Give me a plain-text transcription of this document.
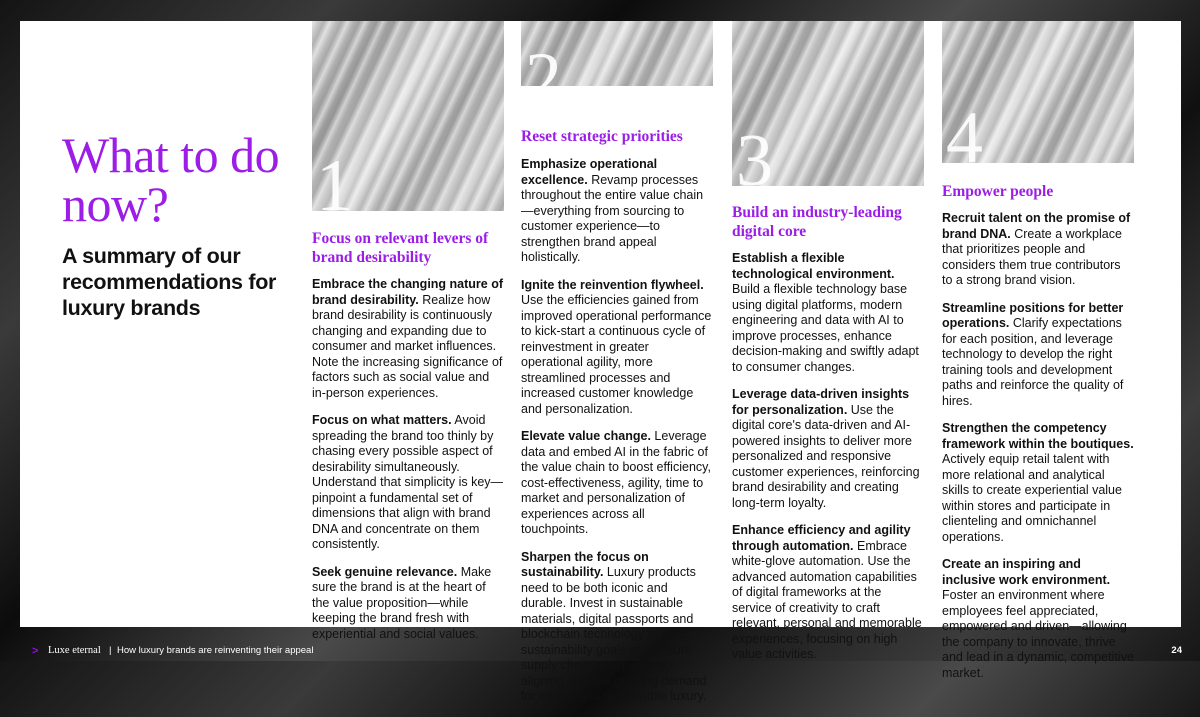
What to do now?
A summary of our recommendations for luxury brands

1

Focus on relevant levers of brand desirability

Embrace the changing nature of brand desirability. Realize how brand desirability is continuously changing and expanding due to consumer and market influences. Note the increasing significance of factors such as social value and in-person experiences.

Focus on what matters. Avoid spreading the brand too thinly by chasing every possible aspect of desirability simultaneously. Understand that simplicity is key—pinpoint a fundamental set of dimensions that align with brand DNA and concentrate on them consistently.

Seek genuine relevance. Make sure the brand is at the heart of the value proposition—while keeping the brand fresh with experiential and social values.

2

Reset strategic priorities

Emphasize operational excellence. Revamp processes throughout the entire value chain—everything from sourcing to customer experience—to strengthen brand appeal holistically.

Ignite the reinvention flywheel. Use the efficiencies gained from improved operational performance to kick-start a continuous cycle of reinvestment in greater operational agility, more streamlined processes and increased customer knowledge and personalization.

Elevate value change. Leverage data and embed AI in the fabric of the value chain to boost efficiency, cost-effectiveness, agility, time to market and personalization of experiences across all touchpoints.

Sharpen the focus on sustainability. Luxury products need to be both iconic and durable. Invest in sustainable materials, digital passports and blockchain technology to meet sustainability goals and ensure supply chain transparency, aligning with the growing demand for ethical and responsible luxury.

3

Build an industry-leading digital core

Establish a flexible technological environment. Build a flexible technology base using digital platforms, modern engineering and data with AI to improve processes, enhance decision-making and swiftly adapt to consumer changes.

Leverage data-driven insights for personalization. Use the digital core's data-driven and AI-powered insights to deliver more personalized and responsive customer experiences, reinforcing brand desirability and creating long-term loyalty.

Enhance efficiency and agility through automation. Embrace white-glove automation. Use the advanced automation capabilities of digital frameworks at the service of creativity to craft relevant, personal and memorable experiences, focusing on high value activities.

4

Empower people

Recruit talent on the promise of brand DNA. Create a workplace that prioritizes people and considers them true contributors to a strong brand vision.

Streamline positions for better operations. Clarify expectations for each position, and leverage technology to develop the right training tools and development paths and reinforce the quality of hires.

Strengthen the competency framework within the boutiques. Actively equip retail talent with more relational and analytical skills to create experiential value within stores and participate in clienteling and omnichannel operations.

Create an inspiring and inclusive work environment. Foster an environment where employees feel appreciated, empowered and driven—allowing the company to innovate, thrive and lead in a dynamic, competitive market.

> Luxe eternal | How luxury brands are reinventing their appeal	24
